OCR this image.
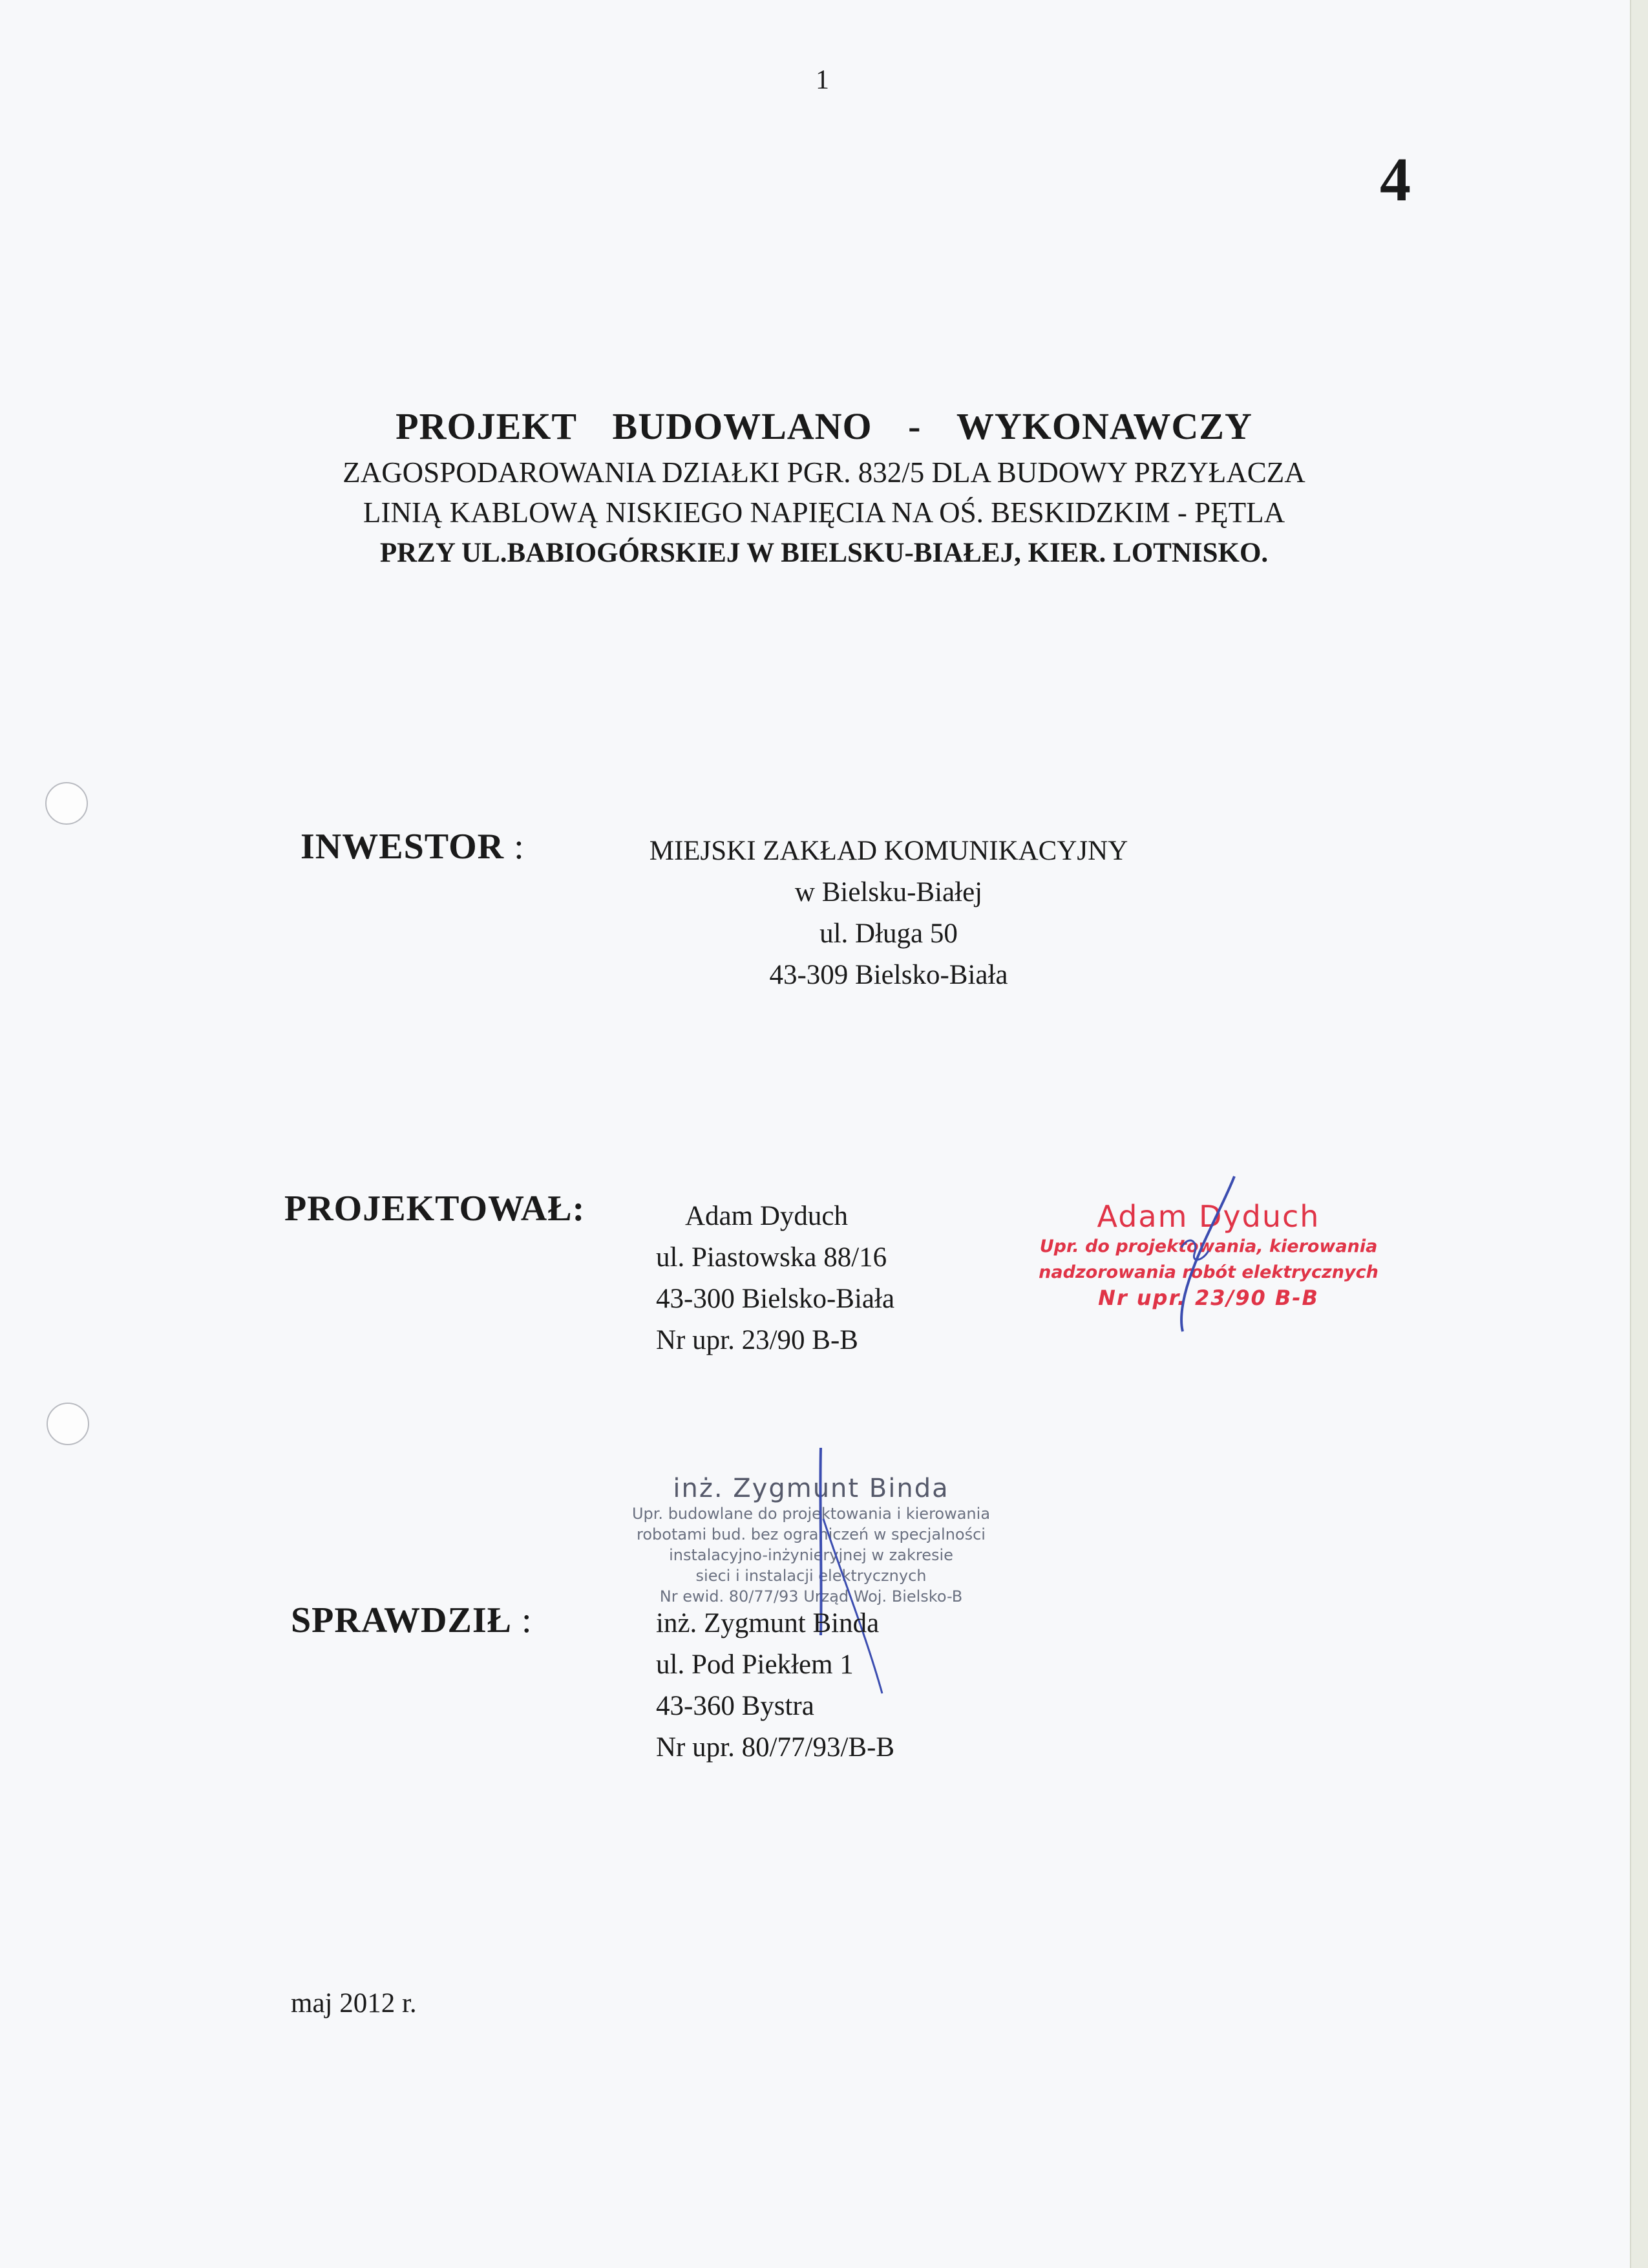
1
4
PROJEKT BUDOWLANO - WYKONAWCZY
ZAGOSPODAROWANIA DZIAŁKI PGR. 832/5 DLA BUDOWY PRZYŁACZA
LINIĄ KABLOWĄ NISKIEGO NAPIĘCIA NA OŚ. BESKIDZKIM - PĘTLA
PRZY UL.BABIOGÓRSKIEJ W BIELSKU-BIAŁEJ, KIER. LOTNISKO.
INWESTOR :	MIEJSKI ZAKŁAD KOMUNIKACYJNY
w Bielsku-Białej
ul. Długa 50
43-309 Bielsko-Biała
PROJEKTOWAŁ:	Adam Dyduch
ul. Piastowska 88/16
43-300 Bielsko-Biała
Nr upr. 23/90 B-B
Adam Dyduch
Upr. do projektowania, kierowania
nadzorowania robót elektrycznych
Nr upr. 23/90 B-B
inż. Zygmunt Binda
Upr. budowlane do projektowania i kierowania
robotami bud. bez ograniczeń w specjalności
instalacyjno-inżynieryjnej w zakresie
sieci i instalacji elektrycznych
Nr ewid. 80/77/93 Urząd Woj. Bielsko-B
SPRAWDZIŁ :	inż. Zygmunt Binda
ul. Pod Piekłem 1
43-360 Bystra
Nr upr. 80/77/93/B-B
maj 2012 r.
